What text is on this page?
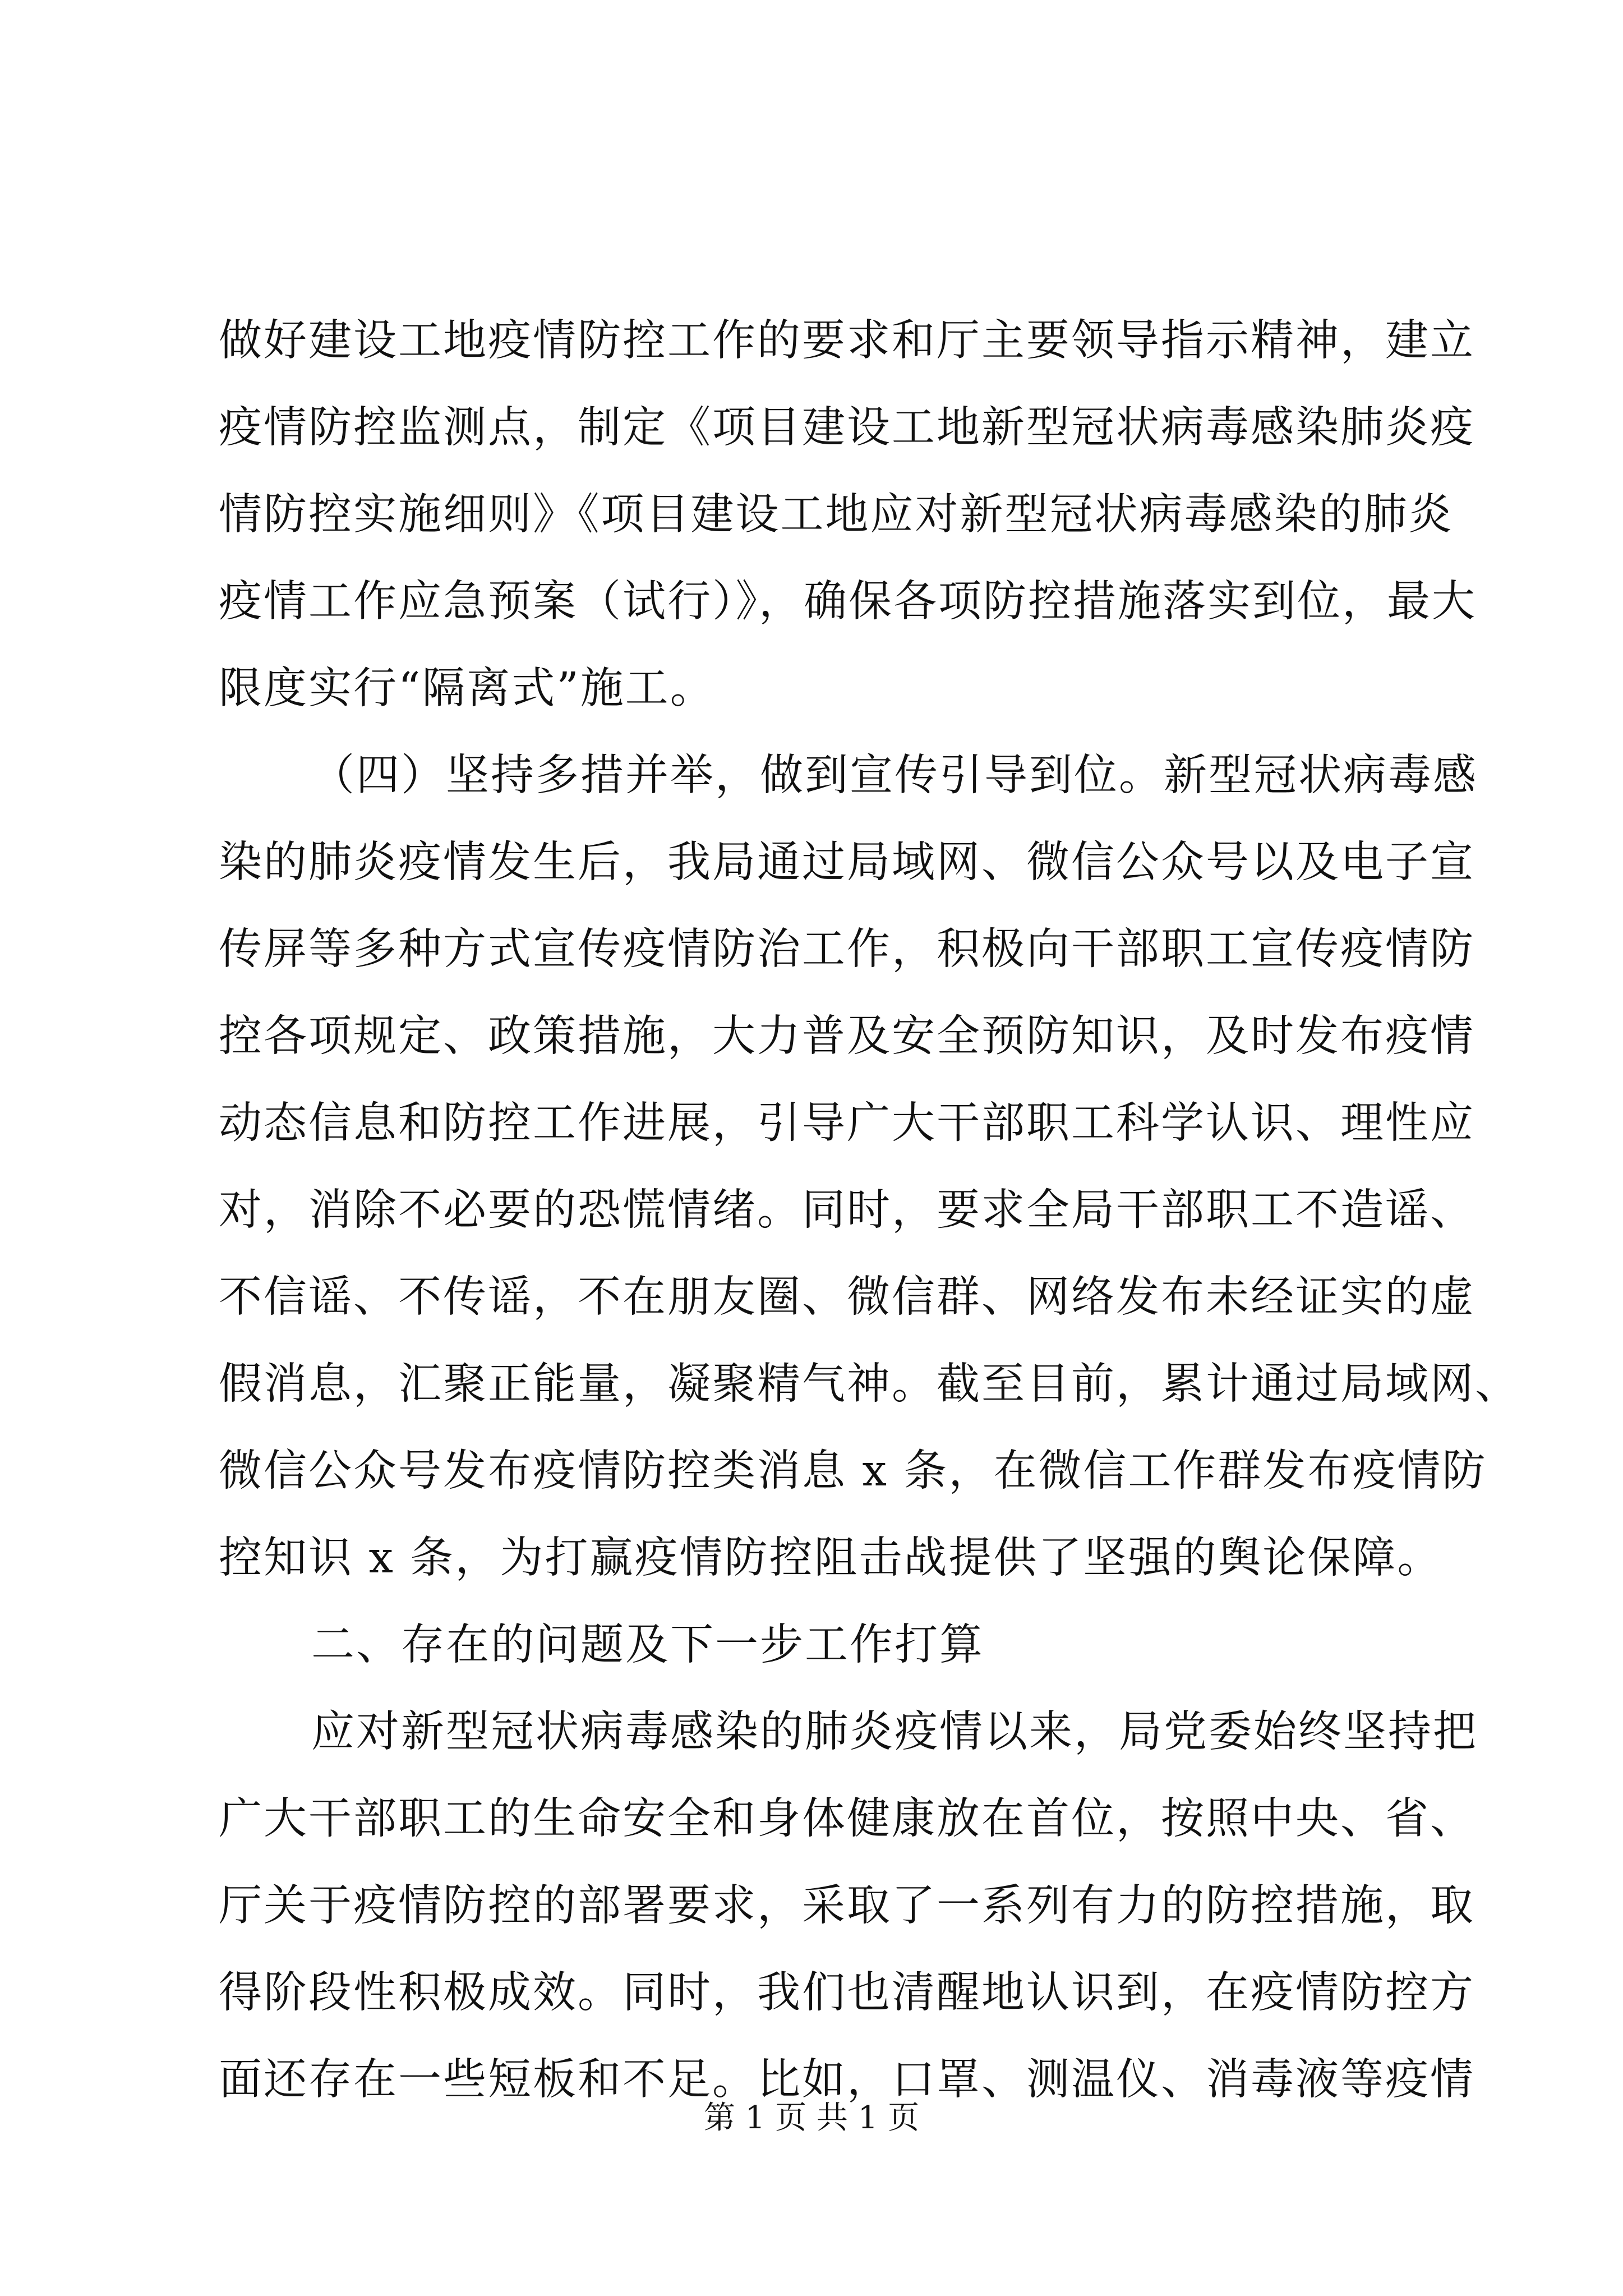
做好建设工地疫情防控工作的要求和厅主要领导指示精神，建立
疫情防控监测点，制定《项目建设工地新型冠状病毒感染肺炎疫
情防控实施细则》《项目建设工地应对新型冠状病毒感染的肺炎
疫情工作应急预案（试行）》，确保各项防控措施落实到位，最大
限度实行“隔离式”施工。
（四）坚持多措并举，做到宣传引导到位。新型冠状病毒感
染的肺炎疫情发生后，我局通过局域网、微信公众号以及电子宣
传屏等多种方式宣传疫情防治工作，积极向干部职工宣传疫情防
控各项规定、政策措施，大力普及安全预防知识，及时发布疫情
动态信息和防控工作进展，引导广大干部职工科学认识、理性应
对，消除不必要的恐慌情绪。同时，要求全局干部职工不造谣、
不信谣、不传谣，不在朋友圈、微信群、网络发布未经证实的虚
假消息，汇聚正能量，凝聚精气神。截至目前，累计通过局域网、
微信公众号发布疫情防控类消息 x 条，在微信工作群发布疫情防
控知识 x 条，为打赢疫情防控阻击战提供了坚强的舆论保障。
二、存在的问题及下一步工作打算
应对新型冠状病毒感染的肺炎疫情以来，局党委始终坚持把
广大干部职工的生命安全和身体健康放在首位，按照中央、省、
厅关于疫情防控的部署要求，采取了一系列有力的防控措施，取
得阶段性积极成效。同时，我们也清醒地认识到，在疫情防控方
面还存在一些短板和不足。比如，口罩、测温仪、消毒液等疫情
第 1 页 共 1 页
